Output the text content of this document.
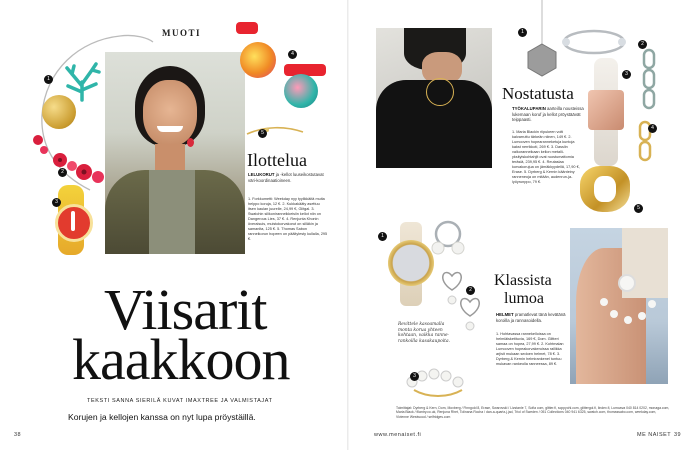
MUOTI
1
2
3
4
5
Ilottelua
LELUKORUT ja -kellot luuseikostutavat väri-koordinaatioineen.
1. Forkkumetti: Weekday nyy tyylikkäitä muita helppo koruja, 12 €. 2. Kukkakääty asettuu itsen kaulan juurelle, 24,99 €, Glitgal. 3. Swatchin silikoniranneikkeisiin kellot niin on Dangerous Lies, 37 €. 4. Renjunta Khonin överaisuis, muistokorvakorut on silläkin ja samanlta, 125 €. 5. Thomas Sabon ranneikorun hopeen on päältylesty kullalla, 295 €.
Viisarit
kaakkoon
TEKSTI SANNA SIERILÄ KUVAT IMAXTREE JA VALMISTAJAT
Korujen ja kellojen kanssa on nyt lupa pröystäillä.
38
1
2
3
4
5
Nostatusta
TYÖKALUPARIN aarteilla nousteissa lukemaan koruf ja kellot pröystäävät teippaasti.
1. Maria Blackin riipukeen voiti kalvarruttu tärkeän niinen, 149 €. 2. Lumooven hopearanneketuja kuntoja kakst nerrikkoti, 269 €. 3. Dasslin valkoranneikaan kellon metalli-yksityiskohtahjit ovat ruostumattomia teräsiä, 239,95 €. 4. Reutaslaa korvakorujua on jämäkkyydellä, 17,90 €, Erase. 5. Dyrberg & Kernin käänteiny ranneneoja on mitään, audenrun-ja-lyöyrunppo, 79 €.
Revittele kasoamalla monta korua yhteen kohtaan, vaikka ranne-rankoilla kasakaupoita.
1
2
3
Klassista
lumoa
HELMET pramatlevat tänä kevätänä koroilla ja rannasoidella.
1. Hohtavassa rannekelloissa on helmiäisketituvia, 169 €, Dom. Glitteri samaa on hopea, 27,99 €. 2. Kohtmalan Lumooven hopeakorvakeruissa railikka arjisit mukaan sedoen helmet, 78 €. 3. Dyrberg & Kernin helmirankenel tuntuu mukavan rankeolla ranneessa, 89 €.
Toimittajat: Dyrberg & Kern, Dom, Moxberg / Finngold 8, Erase, Swarovski / Lizstanle 7, Sofia com, glitter.fi, scppyohl.com, glittergol.fi, lindex.fi, Lumoava 040 814 0202, monaga.com, Maria Black / filantry.co.uk, Renjuna Rhet, Tolinana Rocha / dan-a-quartz-j.jad, Triol of Sweden / 051 Collections 040 941 6325, swatch.com, thomassabo.com, weekday.com, Vivienne Westwood / selfridges.com
www.menaiset.fi	ME NAISET 39
